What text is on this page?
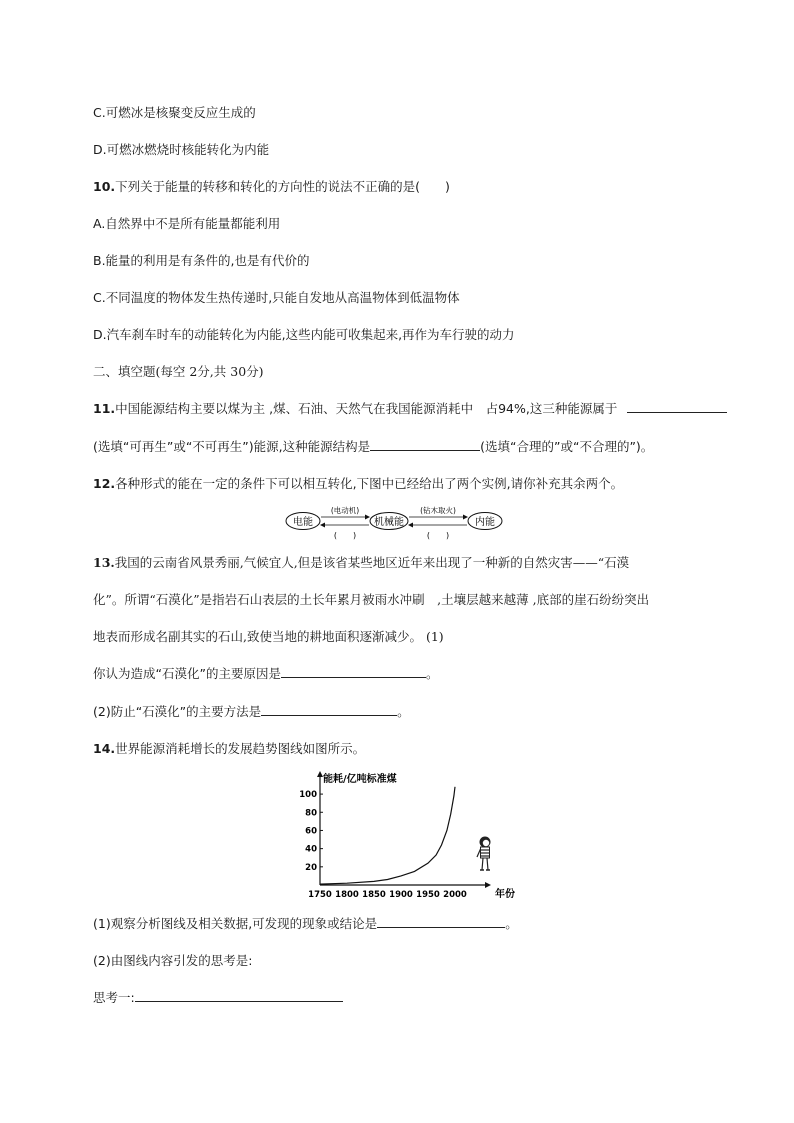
C.可燃冰是核聚变反应生成的
D.可燃冰燃烧时核能转化为内能
10.下列关于能量的转移和转化的方向性的说法不正确的是(　　)
A.自然界中不是所有能量都能利用
B.能量的利用是有条件的,也是有代价的
C.不同温度的物体发生热传递时,只能自发地从高温物体到低温物体
D.汽车刹车时车的动能转化为内能,这些内能可收集起来,再作为车行驶的动力
二、填空题(每空 2分,共 30分)
11.中国能源结构主要以煤为主 ,煤、石油、天然气在我国能源消耗中　占94%,这三种能源属于
(选填“可再生”或“不可再生”)能源,这种能源结构是	(选填“合理的”或“不合理的”)。
12.各种形式的能在一定的条件下可以相互转化,下图中已经给出了两个实例,请你补充其余两个。
电能	机械能	内能
(电动机)
(　　)
(钻木取火)
(　　)
13.我国的云南省风景秀丽,气候宜人,但是该省某些地区近年来出现了一种新的自然灾害——“石漠
化”。所谓“石漠化”是指岩石山表层的土长年累月被雨水冲刷　,土壤层越来越薄 ,底部的崖石纷纷突出
地表而形成名副其实的石山,致使当地的耕地面积逐渐减少。 (1)
你认为造成“石漠化”的主要原因是	。
(2)防止“石漠化”的主要方法是	。
14.世界能源消耗增长的发展趋势图线如图所示。
1750 1800 1850 1900 1950 2000
20
40
60
80
100
能耗/亿吨标准煤
年份
(1)观察分析图线及相关数据,可发现的现象或结论是	。
(2)由图线内容引发的思考是:
思考一:
